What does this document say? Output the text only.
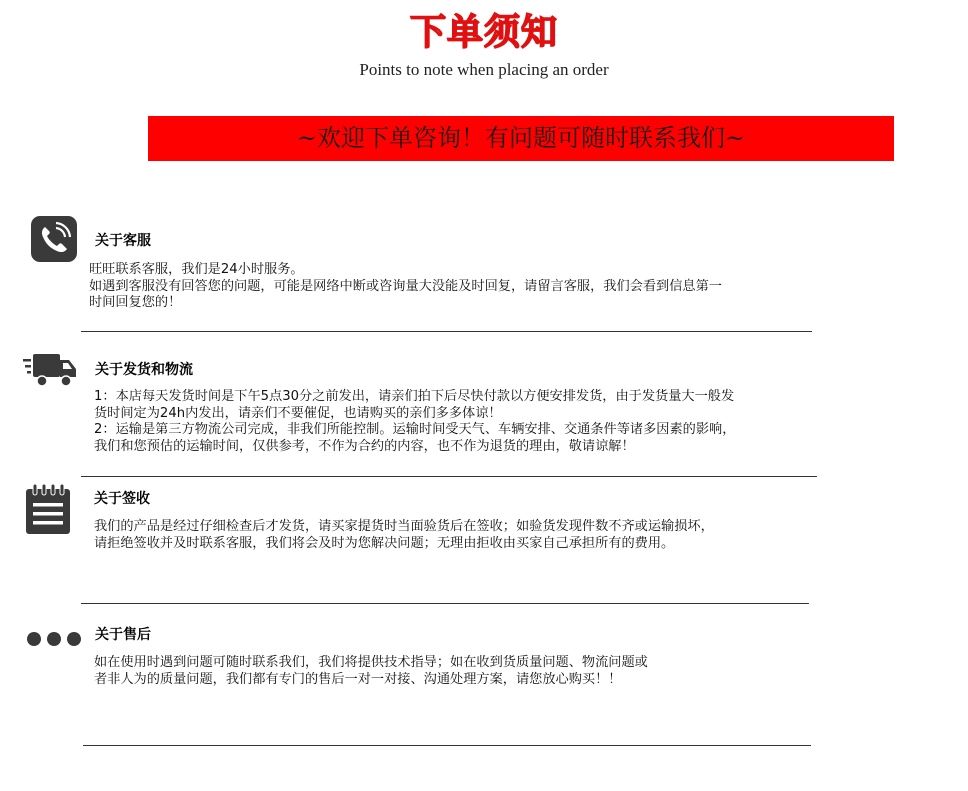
下单须知
Points to note when placing an order
~欢迎下单咨询！有问题可随时联系我们~
关于客服
旺旺联系客服，我们是24小时服务。
如遇到客服没有回答您的问题，可能是网络中断或咨询量大没能及时回复，请留言客服，我们会看到信息第一
时间回复您的！
关于发货和物流
1：本店每天发货时间是下午5点30分之前发出，请亲们拍下后尽快付款以方便安排发货，由于发货量大一般发
货时间定为24h内发出，请亲们不要催促，也请购买的亲们多多体谅！
2：运输是第三方物流公司完成，非我们所能控制。运输时间受天气、车辆安排、交通条件等诸多因素的影响，
我们和您预估的运输时间，仅供参考，不作为合约的内容，也不作为退货的理由，敬请谅解！
关于签收
我们的产品是经过仔细检查后才发货，请买家提货时当面验货后在签收；如验货发现件数不齐或运输损坏，
请拒绝签收并及时联系客服，我们将会及时为您解决问题；无理由拒收由买家自己承担所有的费用。
关于售后
如在使用时遇到问题可随时联系我们，我们将提供技术指导；如在收到货质量问题、物流问题或
者非人为的质量问题，我们都有专门的售后一对一对接、沟通处理方案，请您放心购买！！
